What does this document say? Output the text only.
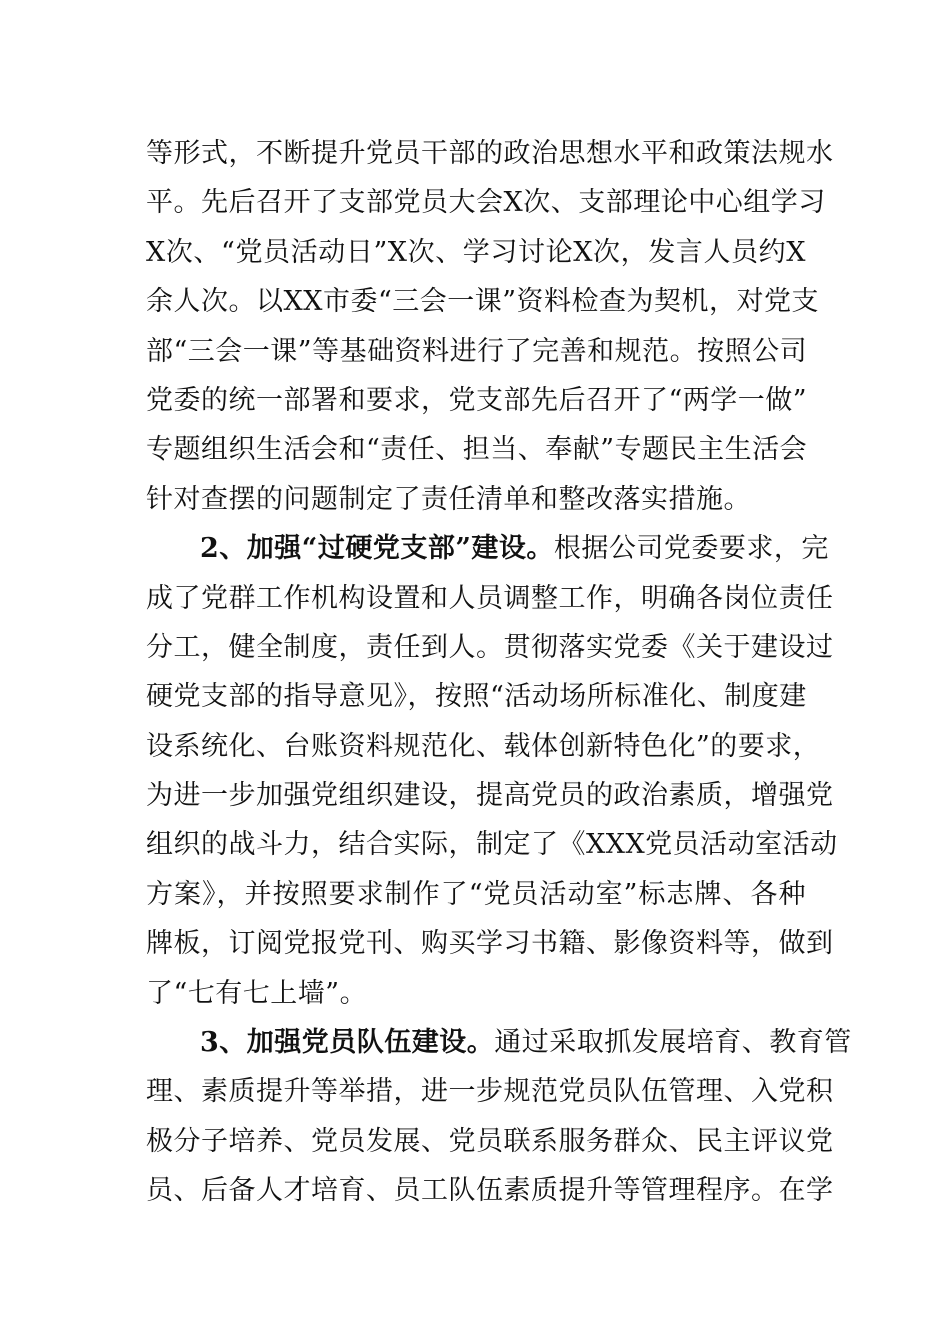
等形式，不断提升党员干部的政治思想水平和政策法规水
平。先后召开了支部党员大会X次、支部理论中心组学习
X次、“党员活动日”X次、学习讨论X次，发言人员约X
余人次。以XX市委“三会一课”资料检查为契机，对党支
部“三会一课”等基础资料进行了完善和规范。按照公司
党委的统一部署和要求，党支部先后召开了“两学一做”
专题组织生活会和“责任、担当、奉献”专题民主生活会
针对查摆的问题制定了责任清单和整改落实措施。
2、加强“过硬党支部”建设。根据公司党委要求，完
成了党群工作机构设置和人员调整工作，明确各岗位责任
分工，健全制度，责任到人。贯彻落实党委《关于建设过
硬党支部的指导意见》，按照“活动场所标准化、制度建
设系统化、台账资料规范化、载体创新特色化”的要求，
为进一步加强党组织建设，提高党员的政治素质，增强党
组织的战斗力，结合实际，制定了《XXX党员活动室活动
方案》，并按照要求制作了“党员活动室”标志牌、各种
牌板，订阅党报党刊、购买学习书籍、影像资料等，做到
了“七有七上墙”。
3、加强党员队伍建设。通过采取抓发展培育、教育管
理、素质提升等举措，进一步规范党员队伍管理、入党积
极分子培养、党员发展、党员联系服务群众、民主评议党
员、后备人才培育、员工队伍素质提升等管理程序。在学
